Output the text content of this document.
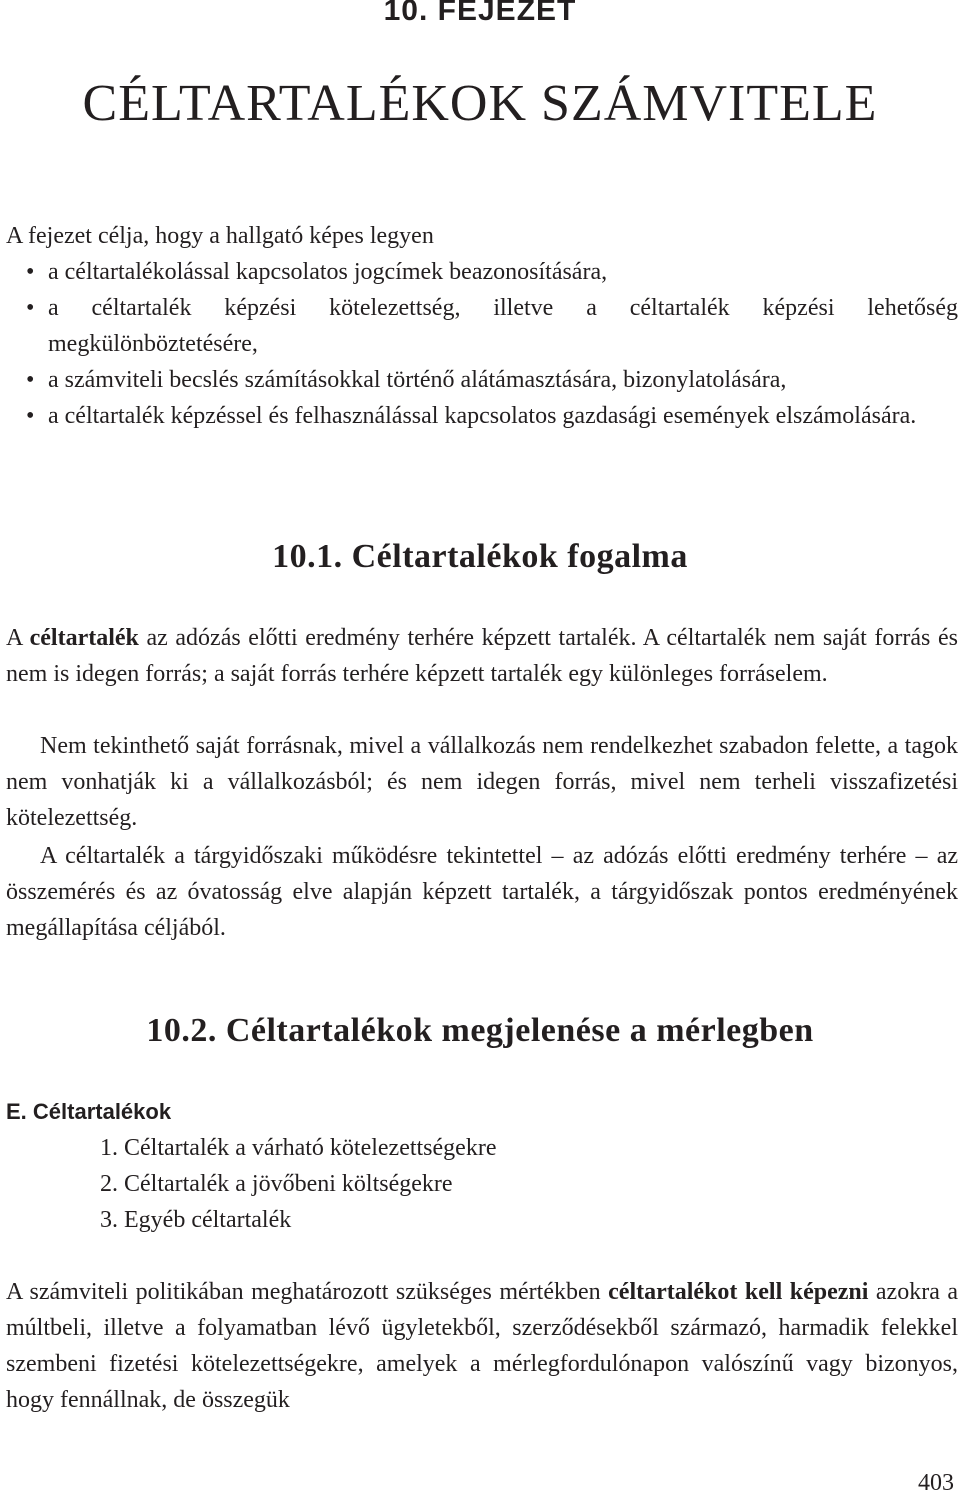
10. FEJEZET
CÉLTARTALÉKOK SZÁMVITELE
A fejezet célja, hogy a hallgató képes legyen
• a céltartalékolással kapcsolatos jogcímek beazonosítására,
• a céltartalék képzési kötelezettség, illetve a céltartalék képzési lehetőség megkülönböztetésére,
• a számviteli becslés számításokkal történő alátámasztására, bizonylatolására,
• a céltartalék képzéssel és felhasználással kapcsolatos gazdasági események elszámolására.
10.1. Céltartalékok fogalma
A céltartalék az adózás előtti eredmény terhére képzett tartalék. A céltartalék nem saját forrás és nem is idegen forrás; a saját forrás terhére képzett tartalék egy különleges forráselem.
Nem tekinthető saját forrásnak, mivel a vállalkozás nem rendelkezhet szabadon felette, a tagok nem vonhatják ki a vállalkozásból; és nem idegen forrás, mivel nem terheli visszafizetési kötelezettség.
A céltartalék a tárgyidőszaki működésre tekintettel – az adózás előtti eredmény terhére – az összemérés és az óvatosság elve alapján képzett tartalék, a tárgyidőszak pontos eredményének megállapítása céljából.
10.2. Céltartalékok megjelenése a mérlegben
E. Céltartalékok
1. Céltartalék a várható kötelezettségekre
2. Céltartalék a jövőbeni költségekre
3. Egyéb céltartalék
A számviteli politikában meghatározott szükséges mértékben céltartalékot kell képezni azokra a múltbeli, illetve a folyamatban lévő ügyletekből, szerződésekből származó, harmadik felekkel szembeni fizetési kötelezettségekre, amelyek a mérlegfordulónapon valószínű vagy bizonyos, hogy fennállnak, de összegük
403
